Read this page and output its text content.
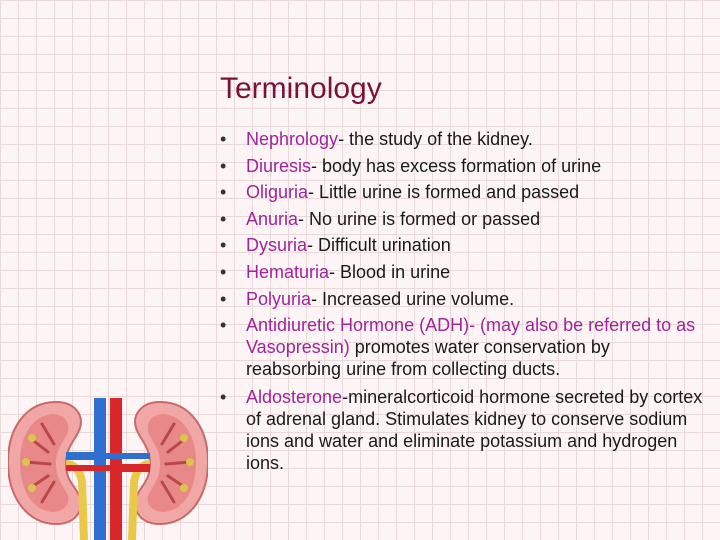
Terminology
• Nephrology- the study of the kidney.
• Diuresis- body has excess formation of urine
• Oliguria- Little urine is formed and passed
• Anuria- No urine is formed or passed
• Dysuria- Difficult urination
• Hematuria- Blood in urine
• Polyuria- Increased urine volume.
• Antidiuretic Hormone (ADH)- (may also be referred to as Vasopressin) promotes water conservation by reabsorbing urine from collecting ducts.
• Aldosterone-mineralcorticoid hormone secreted by cortex of adrenal gland. Stimulates kidney to conserve sodium ions and water and eliminate potassium and hydrogen ions.
